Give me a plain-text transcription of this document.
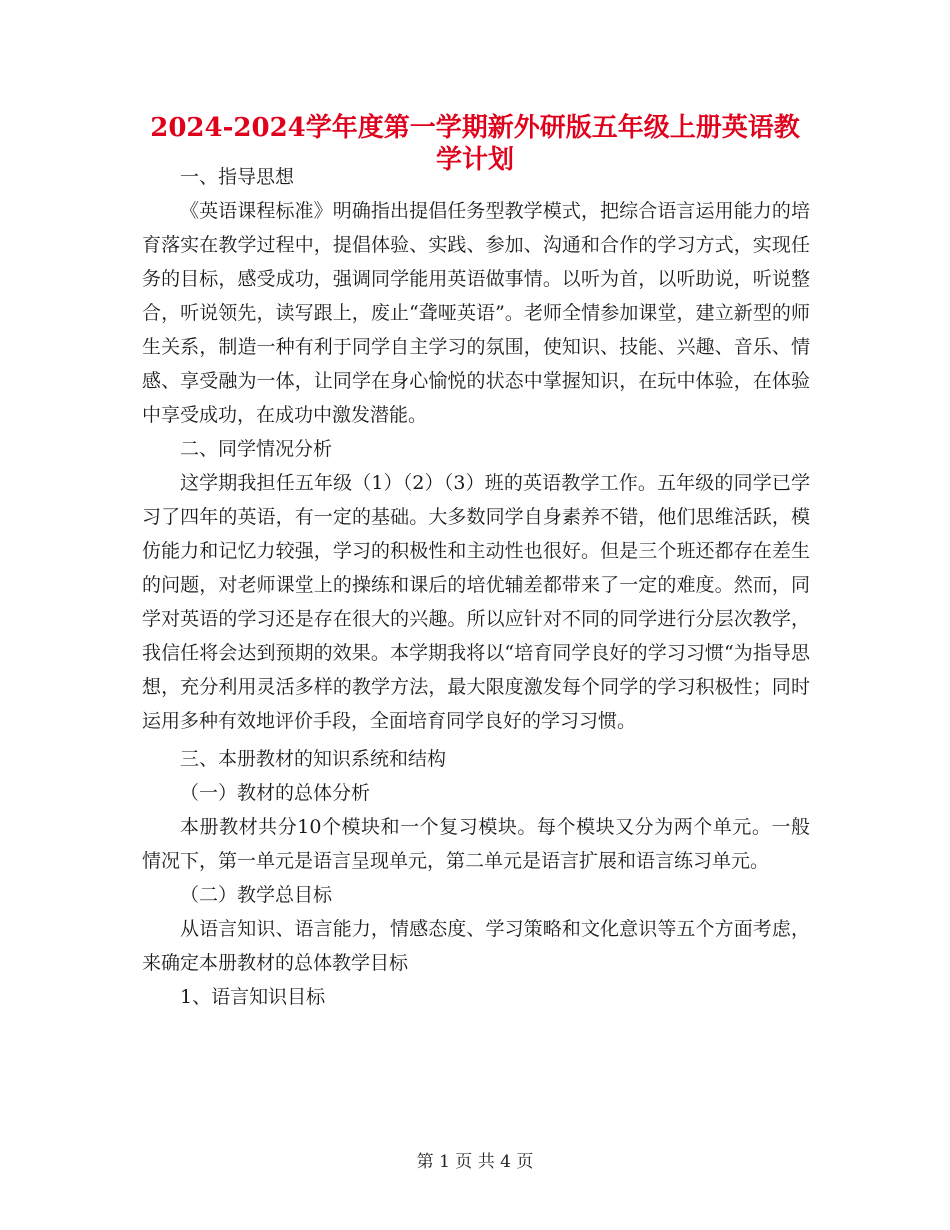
2024-2024学年度第一学期新外研版五年级上册英语教学计划

一、指导思想

《英语课程标准》明确指出提倡任务型教学模式，把综合语言运用能力的培育落实在教学过程中，提倡体验、实践、参加、沟通和合作的学习方式，实现任务的目标，感受成功，强调同学能用英语做事情。以听为首，以听助说，听说整合，听说领先，读写跟上，废止“聋哑英语”。老师全情参加课堂，建立新型的师生关系，制造一种有利于同学自主学习的氛围，使知识、技能、兴趣、音乐、情感、享受融为一体，让同学在身心愉悦的状态中掌握知识，在玩中体验，在体验中享受成功，在成功中激发潜能。

二、同学情况分析

这学期我担任五年级（1）（2）（3）班的英语教学工作。五年级的同学已学习了四年的英语，有一定的基础。大多数同学自身素养不错，他们思维活跃，模仿能力和记忆力较强，学习的积极性和主动性也很好。但是三个班还都存在差生的问题，对老师课堂上的操练和课后的培优辅差都带来了一定的难度。然而，同学对英语的学习还是存在很大的兴趣。所以应针对不同的同学进行分层次教学，我信任将会达到预期的效果。本学期我将以“培育同学良好的学习习惯“为指导思想，充分利用灵活多样的教学方法，最大限度激发每个同学的学习积极性；同时运用多种有效地评价手段，全面培育同学良好的学习习惯。

三、本册教材的知识系统和结构

（一）教材的总体分析

本册教材共分10个模块和一个复习模块。每个模块又分为两个单元。一般情况下，第一单元是语言呈现单元，第二单元是语言扩展和语言练习单元。

（二）教学总目标

从语言知识、语言能力，情感态度、学习策略和文化意识等五个方面考虑，来确定本册教材的总体教学目标

1、语言知识目标

第 1 页 共 4 页
